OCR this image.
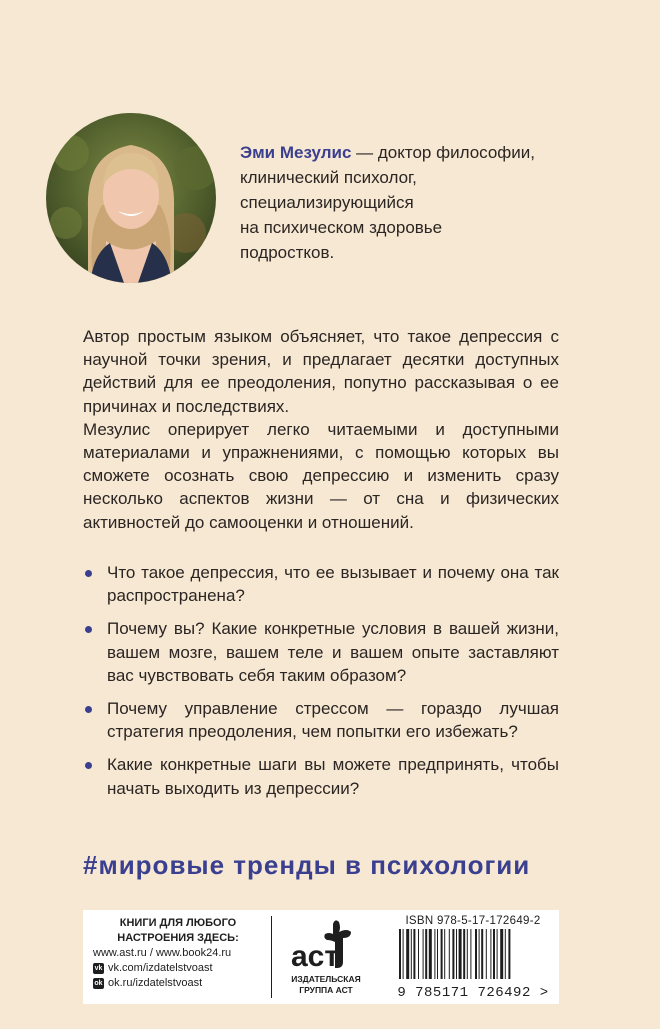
Эми Мезулис — доктор философии,
клинический психолог,
специализирующийся
на психическом здоровье
подростков.

Автор простым языком объясняет, что такое депрессия с научной точки зрения, и предлагает десятки доступных действий для ее преодоления, попутно рассказывая о ее причинах и последствиях.

Мезулис оперирует легко читаемыми и доступными материалами и упражнениями, с помощью которых вы сможете осознать свою депрессию и изменить сразу несколько аспектов жизни — от сна и физических активностей до самооценки и отношений.

Что такое депрессия, что ее вызывает и почему она так распространена?
Почему вы? Какие конкретные условия в вашей жизни, вашем мозге, вашем теле и вашем опыте заставляют вас чувствовать себя таким образом?
Почему управление стрессом — гораздо лучшая стратегия преодоления, чем попытки его избежать?
Какие конкретные шаги вы можете предпринять, чтобы начать выходить из депрессии?
#мировые тренды в психологии
КНИГИ ДЛЯ ЛЮБОГО
НАСТРОЕНИЯ ЗДЕСЬ:
www.ast.ru / www.book24.ru
vk vk.com/izdatelstvoast
ok ok.ru/izdatelstvoast
аст
ИЗДАТЕЛЬСКАЯ
ГРУППА АСТ
ISBN 978-5-17-172649-2
9 785171 726492 >
